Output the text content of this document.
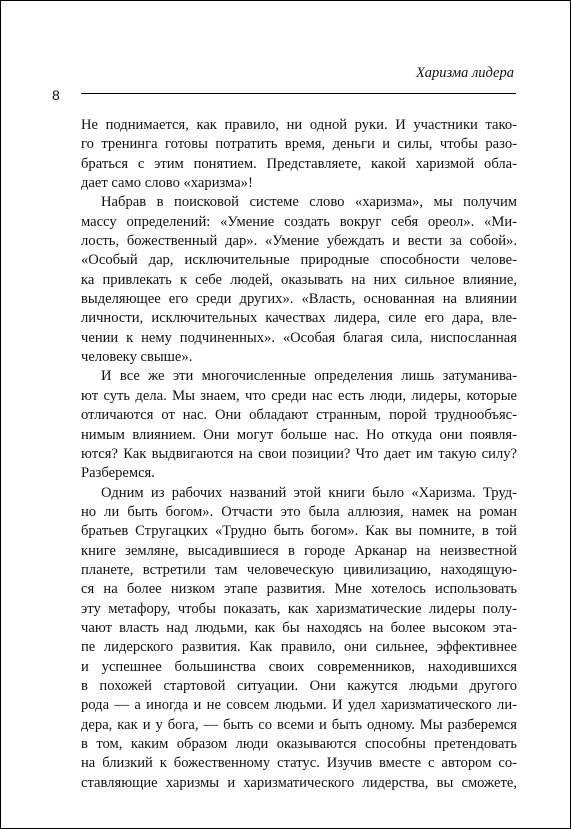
Харизма лидера
8
Не поднимается, как правило, ни одной руки. И участники тако-
го тренинга готовы потратить время, деньги и силы, чтобы разо-
браться с этим понятием. Представляете, какой харизмой обла-
дает само слово «харизма»!
Набрав в поисковой системе слово «харизма», мы получим
массу определений: «Умение создать вокруг себя ореол». «Ми-
лость, божественный дар». «Умение убеждать и вести за собой».
«Особый дар, исключительные природные способности челове-
ка привлекать к себе людей, оказывать на них сильное влияние,
выделяющее его среди других». «Власть, основанная на влиянии
личности, исключительных качествах лидера, силе его дара, вле-
чении к нему подчиненных». «Особая благая сила, ниспосланная
человеку свыше».
И все же эти многочисленные определения лишь затуманива-
ют суть дела. Мы знаем, что среди нас есть люди, лидеры, которые
отличаются от нас. Они обладают странным, порой труднообъяс-
нимым влиянием. Они могут больше нас. Но откуда они появля-
ются? Как выдвигаются на свои позиции? Что дает им такую силу?
Разберемся.
Одним из рабочих названий этой книги было «Харизма. Труд-
но ли быть богом». Отчасти это была аллюзия, намек на роман
братьев Стругацких «Трудно быть богом». Как вы помните, в той
книге земляне, высадившиеся в городе Арканар на неизвестной
планете, встретили там человеческую цивилизацию, находящую-
ся на более низком этапе развития. Мне хотелось использовать
эту метафору, чтобы показать, как харизматические лидеры полу-
чают власть над людьми, как бы находясь на более высоком эта-
пе лидерского развития. Как правило, они сильнее, эффективнее
и успешнее большинства своих современников, находившихся
в похожей стартовой ситуации. Они кажутся людьми другого
рода — а иногда и не совсем людьми. И удел харизматического ли-
дера, как и у бога, — быть со всеми и быть одному. Мы разберемся
в том, каким образом люди оказываются способны претендовать
на близкий к божественному статус. Изучив вместе с автором со-
ставляющие харизмы и харизматического лидерства, вы сможете,
